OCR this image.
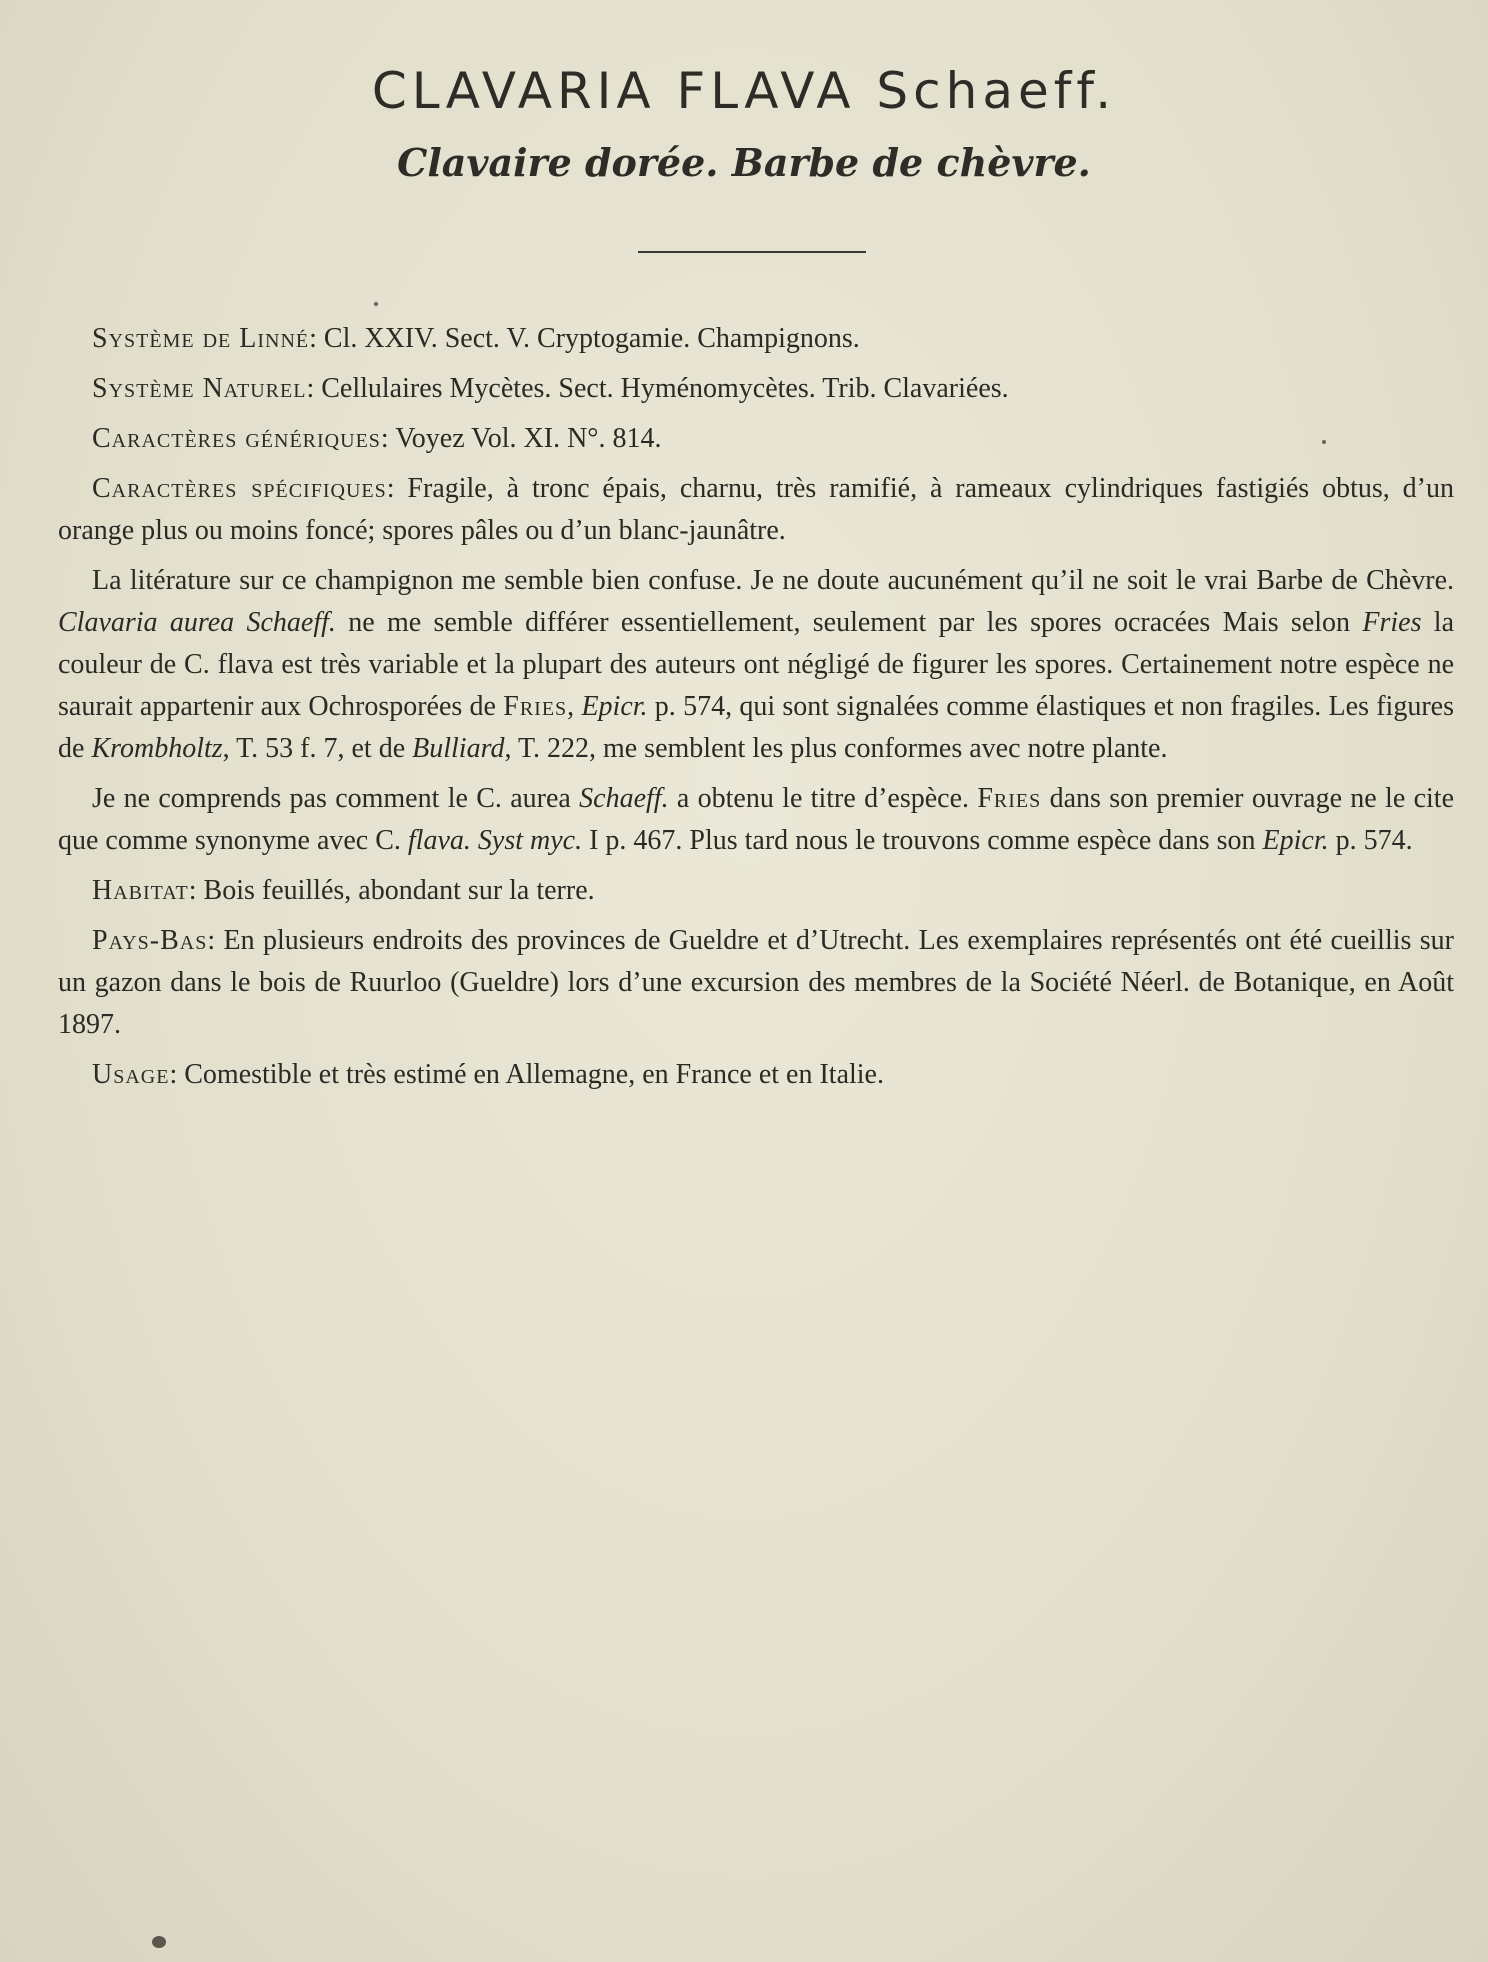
CLAVARIA FLAVA Schaeff.
Clavaire dorée. Barbe de chèvre.

Système de Linné: Cl. XXIV. Sect. V. Cryptogamie. Champignons.

Système Naturel: Cellulaires Mycètes. Sect. Hyménomycètes. Trib. Clavariées.

Caractères génériques: Voyez Vol. XI. N°. 814.

Caractères spécifiques: Fragile, à tronc épais, charnu, très ramifié, à rameaux cylindriques fastigiés obtus, d’un orange plus ou moins foncé; spores pâles ou d’un blanc-jaunâtre.

La litérature sur ce champignon me semble bien confuse. Je ne doute aucunément qu’il ne soit le vrai Barbe de Chèvre. Clavaria aurea Schaeff. ne me semble différer essentiellement, seulement par les spores ocracées Mais selon Fries la couleur de C. flava est très variable et la plupart des auteurs ont négligé de figurer les spores. Certainement notre espèce ne saurait appartenir aux Ochrosporées de Fries, Epicr. p. 574, qui sont signalées comme élastiques et non fragiles. Les figures de Krombholtz, T. 53 f. 7, et de Bulliard, T. 222, me semblent les plus conformes avec notre plante.

Je ne comprends pas comment le C. aurea Schaeff. a obtenu le titre d’espèce. Fries dans son premier ouvrage ne le cite que comme synonyme avec C. flava. Syst myc. I p. 467. Plus tard nous le trouvons comme espèce dans son Epicr. p. 574.

Habitat: Bois feuillés, abondant sur la terre.

Pays-Bas: En plusieurs endroits des provinces de Gueldre et d’Utrecht. Les exemplaires représentés ont été cueillis sur un gazon dans le bois de Ruurloo (Gueldre) lors d’une excursion des membres de la Société Néerl. de Botanique, en Août 1897.

Usage: Comestible et très estimé en Allemagne, en France et en Italie.
